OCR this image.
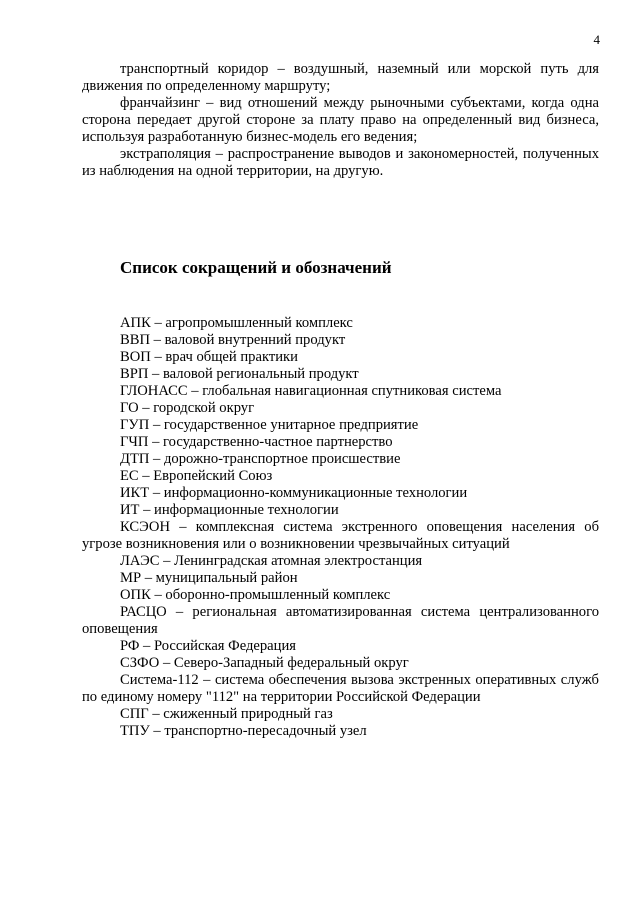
4

транспортный коридор – воздушный, наземный или морской путь для движения по определенному маршруту;

франчайзинг – вид отношений между рыночными субъектами, когда одна сторона передает другой стороне за плату право на определенный вид бизнеса, используя разработанную бизнес-модель его ведения;

экстраполяция – распространение выводов и закономерностей, полученных из наблюдения на одной территории, на другую.

Список сокращений и обозначений

АПК – агропромышленный комплекс

ВВП – валовой внутренний продукт

ВОП – врач общей практики

ВРП – валовой региональный продукт

ГЛОНАСС – глобальная навигационная спутниковая система

ГО – городской округ

ГУП – государственное унитарное предприятие

ГЧП – государственно-частное партнерство

ДТП – дорожно-транспортное происшествие

ЕС – Европейский Союз

ИКТ – информационно-коммуникационные технологии

ИТ – информационные технологии

КСЭОН – комплексная система экстренного оповещения населения об угрозе возникновения или о возникновении чрезвычайных ситуаций

ЛАЭС – Ленинградская атомная электростанция

МР – муниципальный район

ОПК – оборонно-промышленный комплекс

РАСЦО – региональная автоматизированная система централизованного оповещения

РФ – Российская Федерация

СЗФО – Северо-Западный федеральный округ

Система-112 – система обеспечения вызова экстренных оперативных служб по единому номеру "112" на территории Российской Федерации

СПГ – сжиженный природный газ

ТПУ – транспортно-пересадочный узел
